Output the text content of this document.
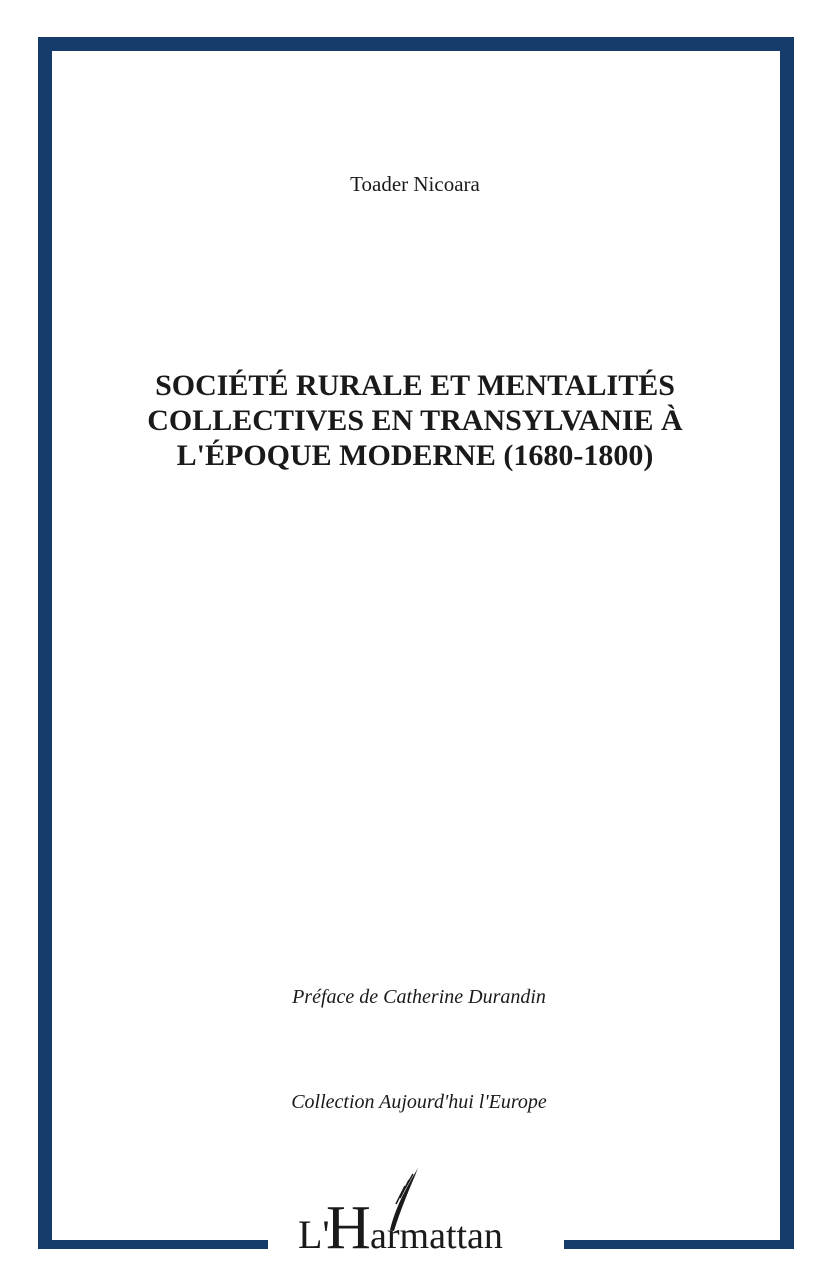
Toader Nicoara
SOCIÉTÉ RURALE ET MENTALITÉS
COLLECTIVES EN TRANSYLVANIE À
L'ÉPOQUE MODERNE (1680-1800)
Préface de Catherine Durandin
Collection Aujourd'hui l'Europe
L'
H armattan
